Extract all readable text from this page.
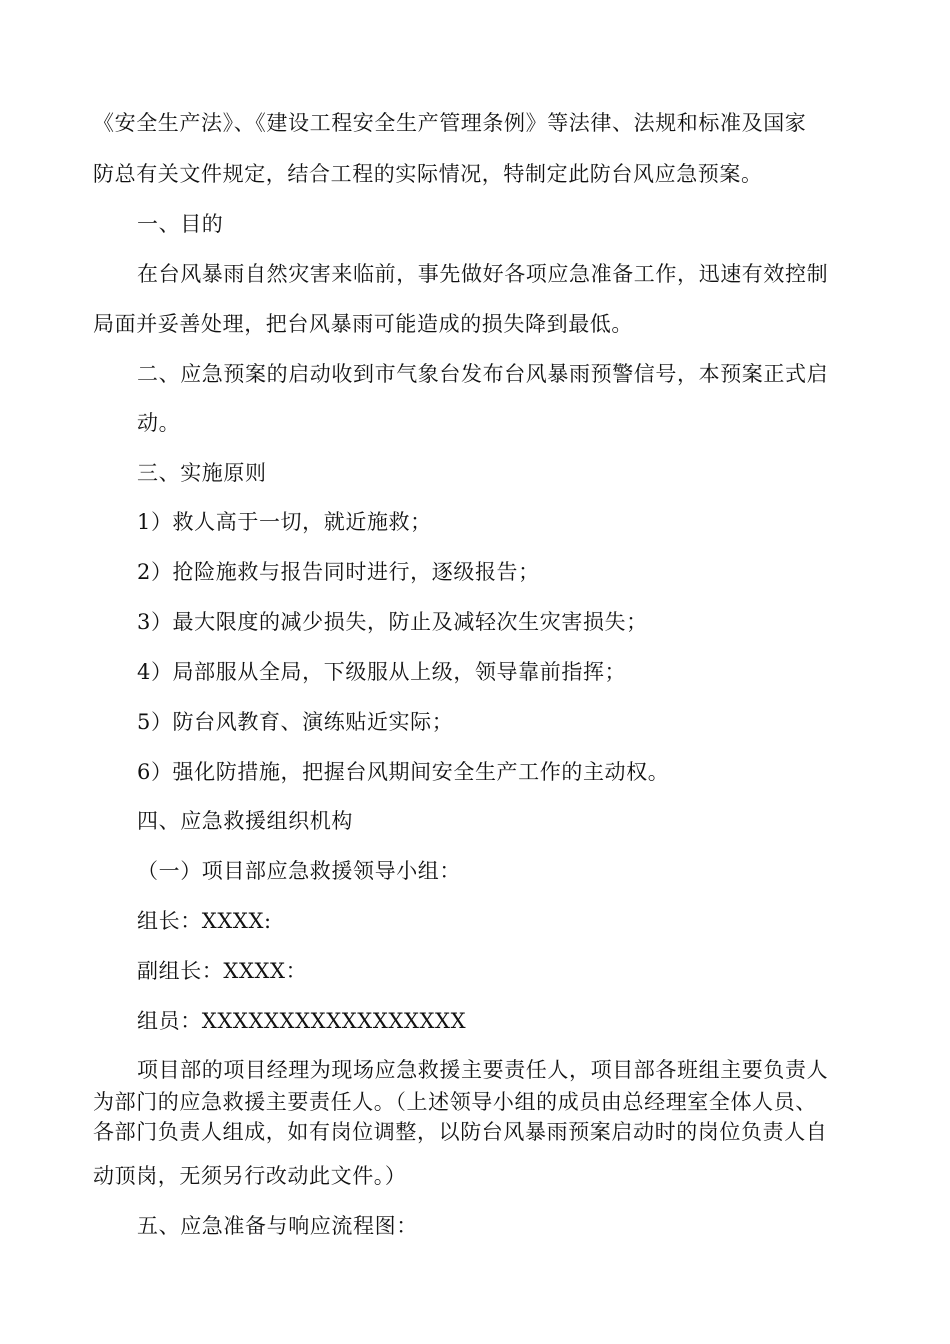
《安全生产法》、《建设工程安全生产管理条例》等法律、法规和标准及国家
防总有关文件规定，结合工程的实际情况，特制定此防台风应急预案。
一、目的
在台风暴雨自然灾害来临前，事先做好各项应急准备工作，迅速有效控制
局面并妥善处理，把台风暴雨可能造成的损失降到最低。
二、应急预案的启动收到市气象台发布台风暴雨预警信号，本预案正式启
动。
三、实施原则
1）救人高于一切，就近施救；
2）抢险施救与报告同时进行，逐级报告；
3）最大限度的减少损失，防止及减轻次生灾害损失；
4）局部服从全局，下级服从上级，领导靠前指挥；
5）防台风教育、演练贴近实际；
6）强化防措施，把握台风期间安全生产工作的主动权。
四、应急救援组织机构
（一）项目部应急救援领导小组：
组长：XXXX:
副组长：XXXX：
组员：XXXXXXXXXXXXXXXXX
项目部的项目经理为现场应急救援主要责任人，项目部各班组主要负责人
为部门的应急救援主要责任人。（上述领导小组的成员由总经理室全体人员、
各部门负责人组成，如有岗位调整，以防台风暴雨预案启动时的岗位负责人自
动顶岗，无须另行改动此文件。）
五、应急准备与响应流程图：
